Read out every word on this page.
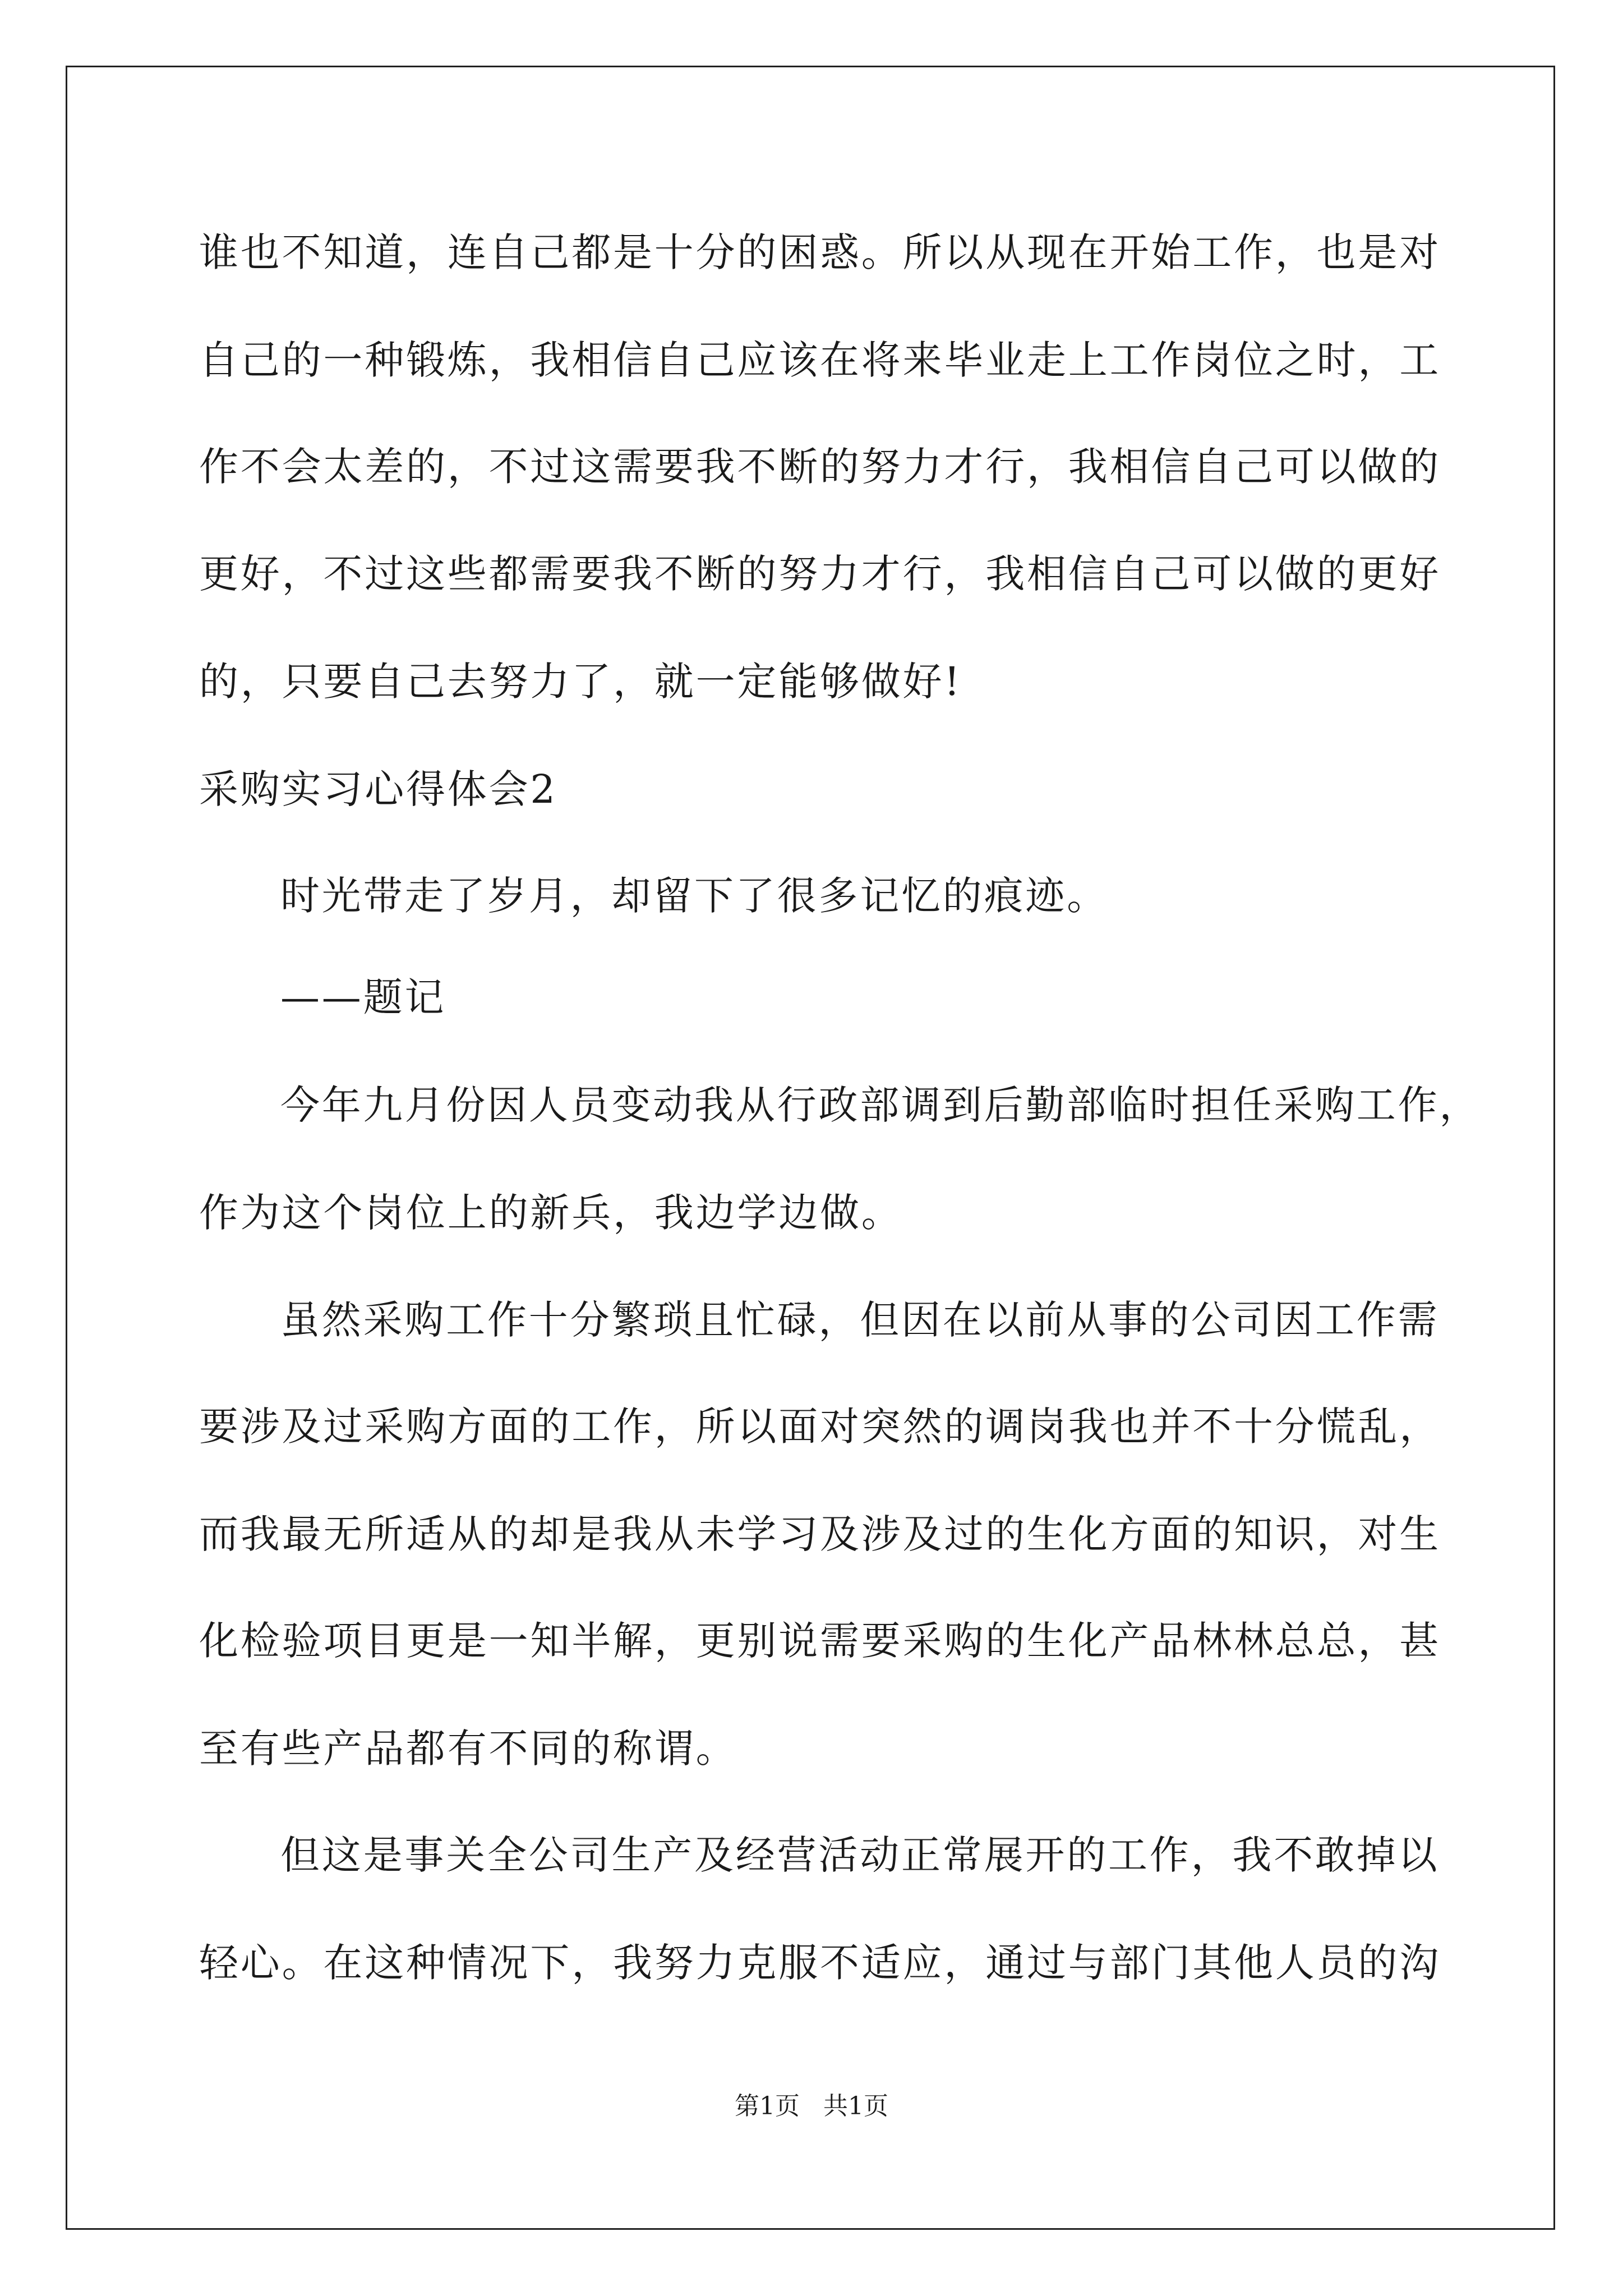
谁也不知道，连自己都是十分的困惑。所以从现在开始工作，也是对
自己的一种锻炼，我相信自己应该在将来毕业走上工作岗位之时，工
作不会太差的，不过这需要我不断的努力才行，我相信自己可以做的
更好，不过这些都需要我不断的努力才行，我相信自己可以做的更好
的，只要自己去努力了，就一定能够做好!
采购实习心得体会2
时光带走了岁月，却留下了很多记忆的痕迹。
——题记
今年九月份因人员变动我从行政部调到后勤部临时担任采购工作，
作为这个岗位上的新兵，我边学边做。
虽然采购工作十分繁琐且忙碌，但因在以前从事的公司因工作需
要涉及过采购方面的工作，所以面对突然的调岗我也并不十分慌乱，
而我最无所适从的却是我从未学习及涉及过的生化方面的知识，对生
化检验项目更是一知半解，更别说需要采购的生化产品林林总总，甚
至有些产品都有不同的称谓。
但这是事关全公司生产及经营活动正常展开的工作，我不敢掉以
轻心。在这种情况下，我努力克服不适应，通过与部门其他人员的沟
第1页   共1页
